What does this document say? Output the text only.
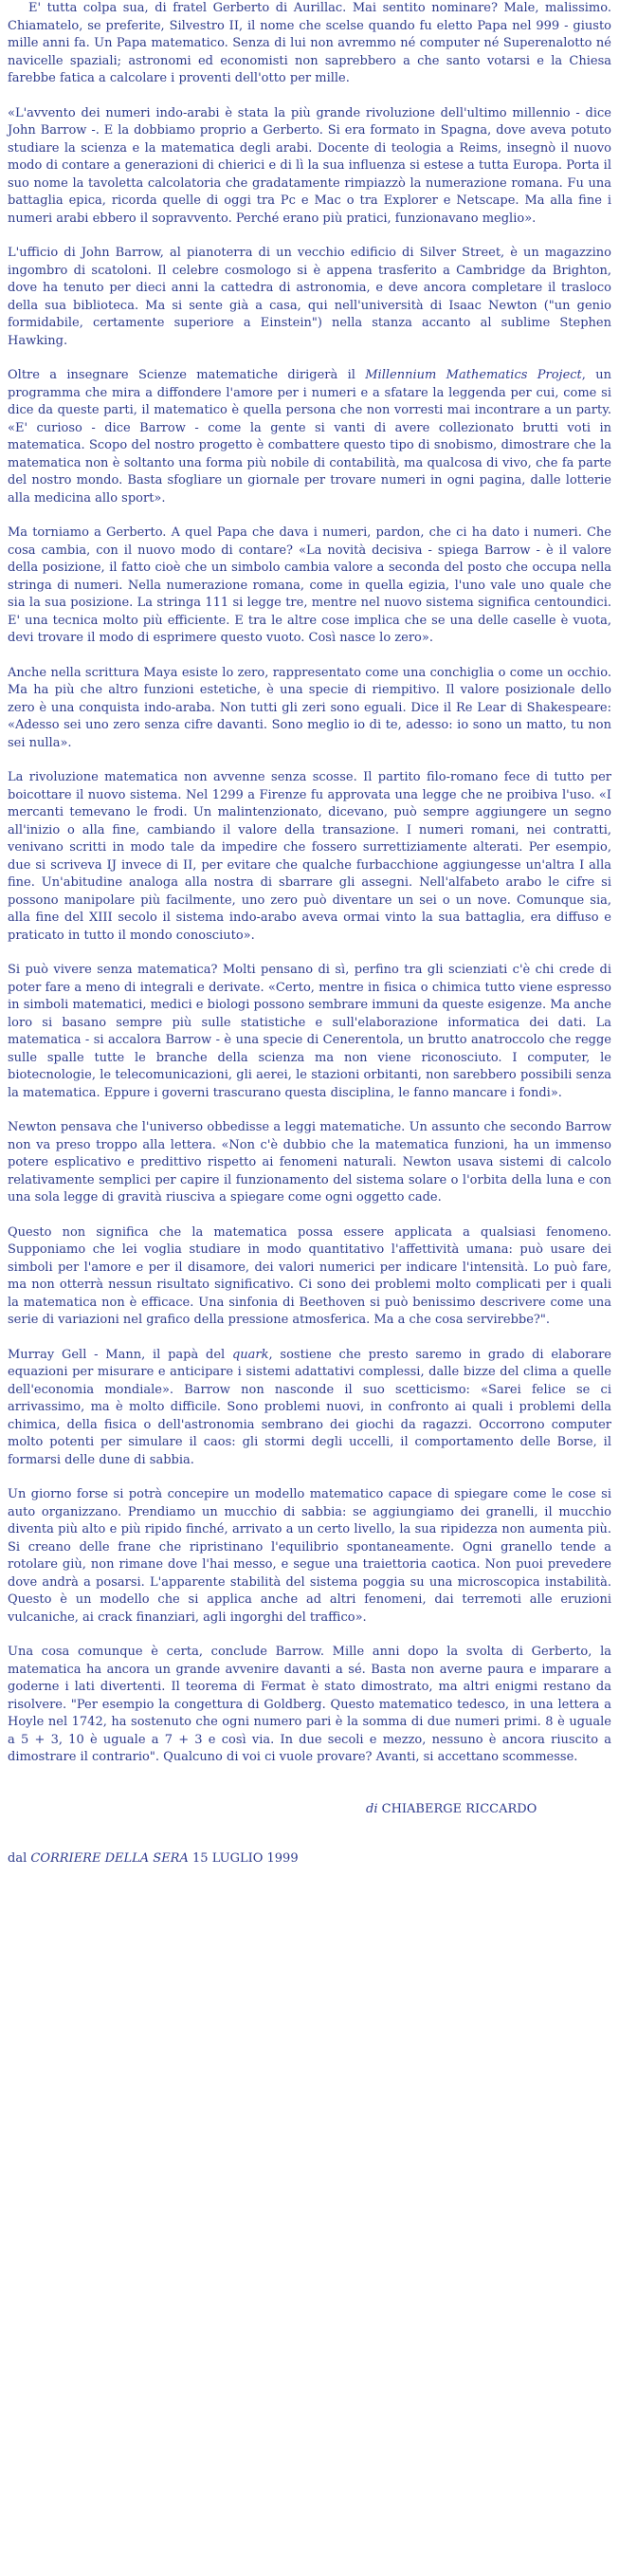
E' tutta colpa sua, di fratel Gerberto di Aurillac. Mai sentito nominare? Male, malissimo. Chiamatelo, se preferite, Silvestro II, il nome che scelse quando fu eletto Papa nel 999 - giusto mille anni fa. Un Papa matematico. Senza di lui non avremmo né computer né Superenalotto né navicelle spaziali; astronomi ed economisti non saprebbero a che santo votarsi e la Chiesa farebbe fatica a calcolare i proventi dell'otto per mille.

«L'avvento dei numeri indo-arabi è stata la più grande rivoluzione dell'ultimo millennio - dice John Barrow -. E la dobbiamo proprio a Gerberto. Si era formato in Spagna, dove aveva potuto studiare la scienza e la matematica degli arabi. Docente di teologia a Reims, insegnò il nuovo modo di contare a generazioni di chierici e di lì la sua influenza si estese a tutta Europa. Porta il suo nome la tavoletta calcolatoria che gradatamente rimpiazzò la numerazione romana. Fu una battaglia epica, ricorda quelle di oggi tra Pc e Mac o tra Explorer e Netscape. Ma alla fine i numeri arabi ebbero il sopravvento. Perché erano più pratici, funzionavano meglio».

L'ufficio di John Barrow, al pianoterra di un vecchio edificio di Silver Street, è un magazzino ingombro di scatoloni. Il celebre cosmologo si è appena trasferito a Cambridge da Brighton, dove ha tenuto per dieci anni la cattedra di astronomia, e deve ancora completare il trasloco della sua biblioteca. Ma si sente già a casa, qui nell'università di Isaac Newton ("un genio formidabile, certamente superiore a Einstein") nella stanza accanto al sublime Stephen Hawking.

Oltre a insegnare Scienze matematiche dirigerà il Millennium Mathematics Project, un programma che mira a diffondere l'amore per i numeri e a sfatare la leggenda per cui, come si dice da queste parti, il matematico è quella persona che non vorresti mai incontrare a un party. «E' curioso - dice Barrow - come la gente si vanti di avere collezionato brutti voti in matematica. Scopo del nostro progetto è combattere questo tipo di snobismo, dimostrare che la matematica non è soltanto una forma più nobile di contabilità, ma qualcosa di vivo, che fa parte del nostro mondo. Basta sfogliare un giornale per trovare numeri in ogni pagina, dalle lotterie alla medicina allo sport».

Ma torniamo a Gerberto. A quel Papa che dava i numeri, pardon, che ci ha dato i numeri. Che cosa cambia, con il nuovo modo di contare? «La novità decisiva - spiega Barrow - è il valore della posizione, il fatto cioè che un simbolo cambia valore a seconda del posto che occupa nella stringa di numeri. Nella numerazione romana, come in quella egizia, l'uno vale uno quale che sia la sua posizione. La stringa 111 si legge tre, mentre nel nuovo sistema significa centoundici. E' una tecnica molto più efficiente. E tra le altre cose implica che se una delle caselle è vuota, devi trovare il modo di esprimere questo vuoto. Così nasce lo zero».

Anche nella scrittura Maya esiste lo zero, rappresentato come una conchiglia o come un occhio. Ma ha più che altro funzioni estetiche, è una specie di riempitivo. Il valore posizionale dello zero è una conquista indo-araba. Non tutti gli zeri sono eguali. Dice il Re Lear di Shakespeare: «Adesso sei uno zero senza cifre davanti. Sono meglio io di te, adesso: io sono un matto, tu non sei nulla».

La rivoluzione matematica non avvenne senza scosse. Il partito filo-romano fece di tutto per boicottare il nuovo sistema. Nel 1299 a Firenze fu approvata una legge che ne proibiva l'uso. «I mercanti temevano le frodi. Un malintenzionato, dicevano, può sempre aggiungere un segno all'inizio o alla fine, cambiando il valore della transazione. I numeri romani, nei contratti, venivano scritti in modo tale da impedire che fossero surrettiziamente alterati. Per esempio, due si scriveva IJ invece di II, per evitare che qualche furbacchione aggiungesse un'altra I alla fine. Un'abitudine analoga alla nostra di sbarrare gli assegni. Nell'alfabeto arabo le cifre si possono manipolare più facilmente, uno zero può diventare un sei o un nove. Comunque sia, alla fine del XIII secolo il sistema indo-arabo aveva ormai vinto la sua battaglia, era diffuso e praticato in tutto il mondo conosciuto».

Si può vivere senza matematica? Molti pensano di sì, perfino tra gli scienziati c'è chi crede di poter fare a meno di integrali e derivate. «Certo, mentre in fisica o chimica tutto viene espresso in simboli matematici, medici e biologi possono sembrare immuni da queste esigenze. Ma anche loro si basano sempre più sulle statistiche e sull'elaborazione informatica dei dati. La matematica - si accalora Barrow - è una specie di Cenerentola, un brutto anatroccolo che regge sulle spalle tutte le branche della scienza ma non viene riconosciuto. I computer, le biotecnologie, le telecomunicazioni, gli aerei, le stazioni orbitanti, non sarebbero possibili senza la matematica. Eppure i governi trascurano questa disciplina, le fanno mancare i fondi».

Newton pensava che l'universo obbedisse a leggi matematiche. Un assunto che secondo Barrow non va preso troppo alla lettera. «Non c'è dubbio che la matematica funzioni, ha un immenso potere esplicativo e predittivo rispetto ai fenomeni naturali. Newton usava sistemi di calcolo relativamente semplici per capire il funzionamento del sistema solare o l'orbita della luna e con una sola legge di gravità riusciva a spiegare come ogni oggetto cade.

Questo non significa che la matematica possa essere applicata a qualsiasi fenomeno. Supponiamo che lei voglia studiare in modo quantitativo l'affettività umana: può usare dei simboli per l'amore e per il disamore, dei valori numerici per indicare l'intensità. Lo può fare, ma non otterrà nessun risultato significativo. Ci sono dei problemi molto complicati per i quali la matematica non è efficace. Una sinfonia di Beethoven si può benissimo descrivere come una serie di variazioni nel grafico della pressione atmosferica. Ma a che cosa servirebbe?".

Murray Gell - Mann, il papà del quark, sostiene che presto saremo in grado di elaborare equazioni per misurare e anticipare i sistemi adattativi complessi, dalle bizze del clima a quelle dell'economia mondiale». Barrow non nasconde il suo scetticismo: «Sarei felice se ci arrivassimo, ma è molto difficile. Sono problemi nuovi, in confronto ai quali i problemi della chimica, della fisica o dell'astronomia sembrano dei giochi da ragazzi. Occorrono computer molto potenti per simulare il caos: gli stormi degli uccelli, il comportamento delle Borse, il formarsi delle dune di sabbia.

Un giorno forse si potrà concepire un modello matematico capace di spiegare come le cose si auto organizzano. Prendiamo un mucchio di sabbia: se aggiungiamo dei granelli, il mucchio diventa più alto e più ripido finché, arrivato a un certo livello, la sua ripidezza non aumenta più. Si creano delle frane che ripristinano l'equilibrio spontaneamente. Ogni granello tende a rotolare giù, non rimane dove l'hai messo, e segue una traiettoria caotica. Non puoi prevedere dove andrà a posarsi. L'apparente stabilità del sistema poggia su una microscopica instabilità. Questo è un modello che si applica anche ad altri fenomeni, dai terremoti alle eruzioni vulcaniche, ai crack finanziari, agli ingorghi del traffico».

Una cosa comunque è certa, conclude Barrow. Mille anni dopo la svolta di Gerberto, la matematica ha ancora un grande avvenire davanti a sé. Basta non averne paura e imparare a goderne i lati divertenti. Il teorema di Fermat è stato dimostrato, ma altri enigmi restano da risolvere. "Per esempio la congettura di Goldberg. Questo matematico tedesco, in una lettera a Hoyle nel 1742, ha sostenuto che ogni numero pari è la somma di due numeri primi. 8 è uguale a 5 + 3, 10 è uguale a 7 + 3 e così via. In due secoli e mezzo, nessuno è ancora riuscito a dimostrare il contrario". Qualcuno di voi ci vuole provare? Avanti, si accettano scommesse.

di CHIABERGE RICCARDO

dal CORRIERE DELLA SERA 15 LUGLIO 1999
